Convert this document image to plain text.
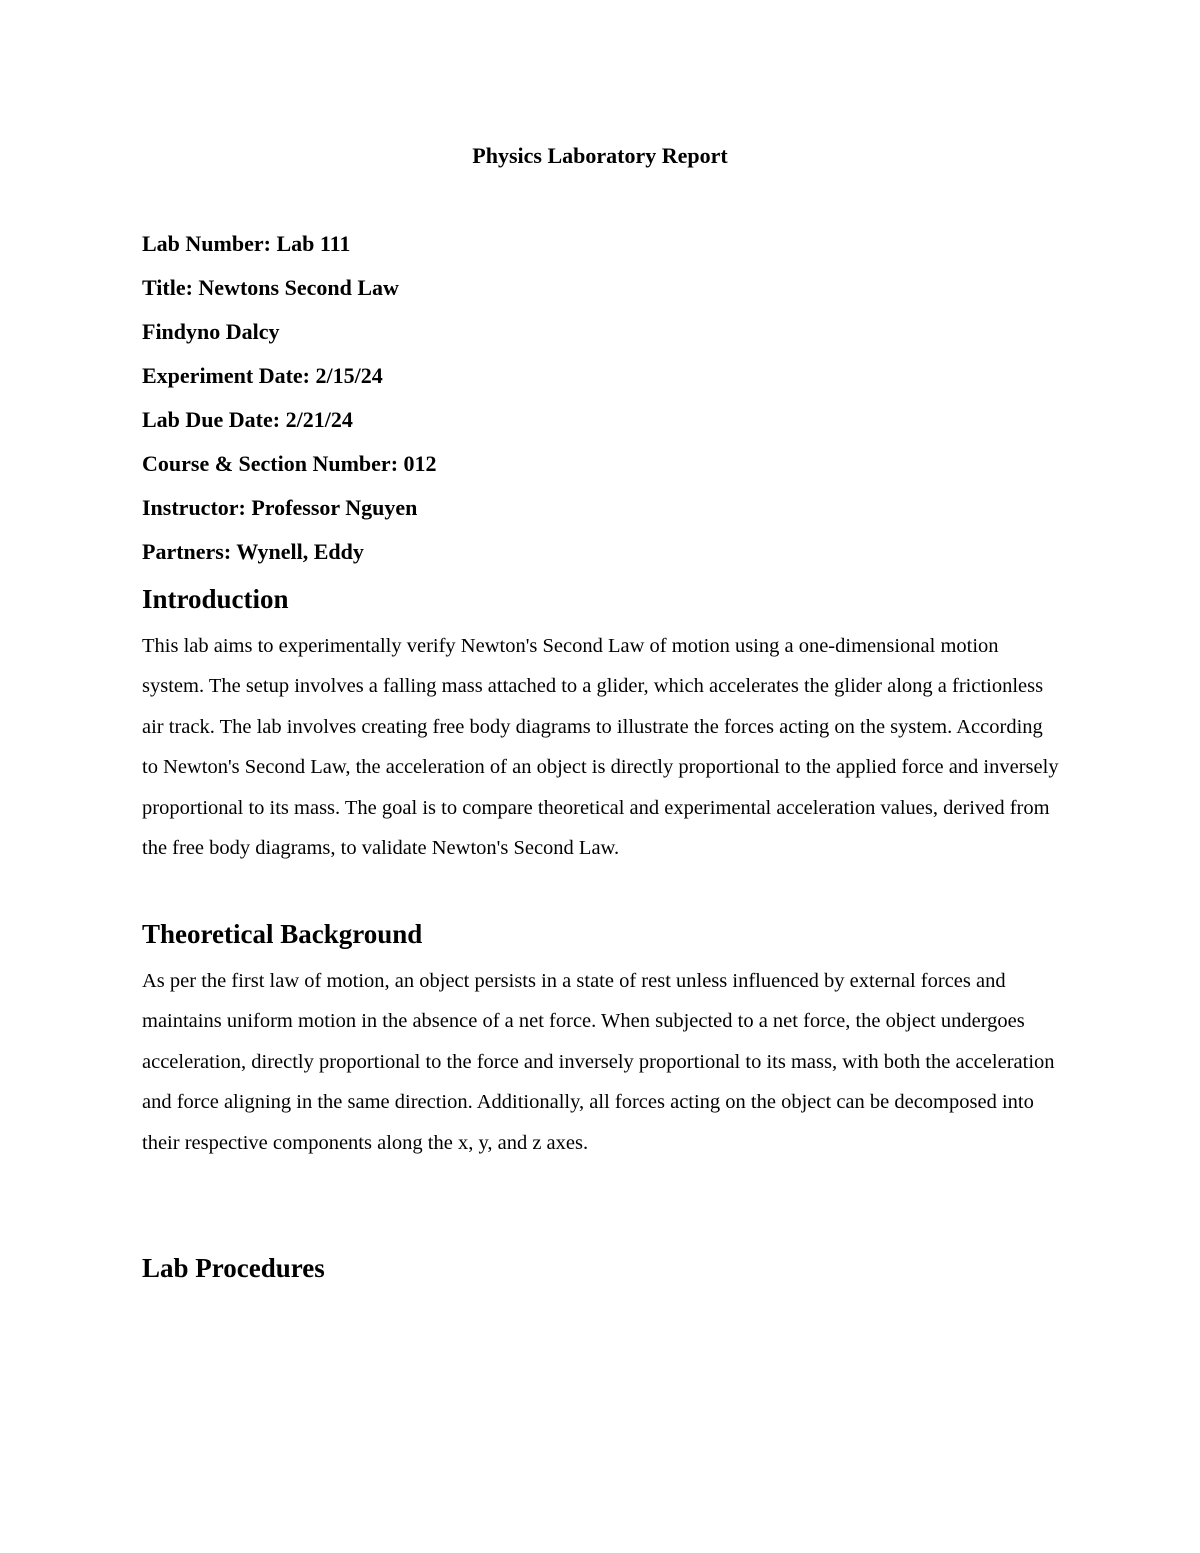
Physics Laboratory Report
Lab Number: Lab 111
Title: Newtons Second Law
Findyno Dalcy
Experiment Date: 2/15/24
Lab Due Date: 2/21/24
Course & Section Number: 012
Instructor: Professor Nguyen
Partners: Wynell, Eddy
Introduction

This lab aims to experimentally verify Newton's Second Law of motion using a one-dimensional motion system. The setup involves a falling mass attached to a glider, which accelerates the glider along a frictionless air track. The lab involves creating free body diagrams to illustrate the forces acting on the system. According to Newton's Second Law, the acceleration of an object is directly proportional to the applied force and inversely proportional to its mass. The goal is to compare theoretical and experimental acceleration values, derived from the free body diagrams, to validate Newton's Second Law.

Theoretical Background

As per the first law of motion, an object persists in a state of rest unless influenced by external forces and maintains uniform motion in the absence of a net force. When subjected to a net force, the object undergoes acceleration, directly proportional to the force and inversely proportional to its mass, with both the acceleration and force aligning in the same direction. Additionally, all forces acting on the object can be decomposed into their respective components along the x, y, and z axes.

Lab Procedures
